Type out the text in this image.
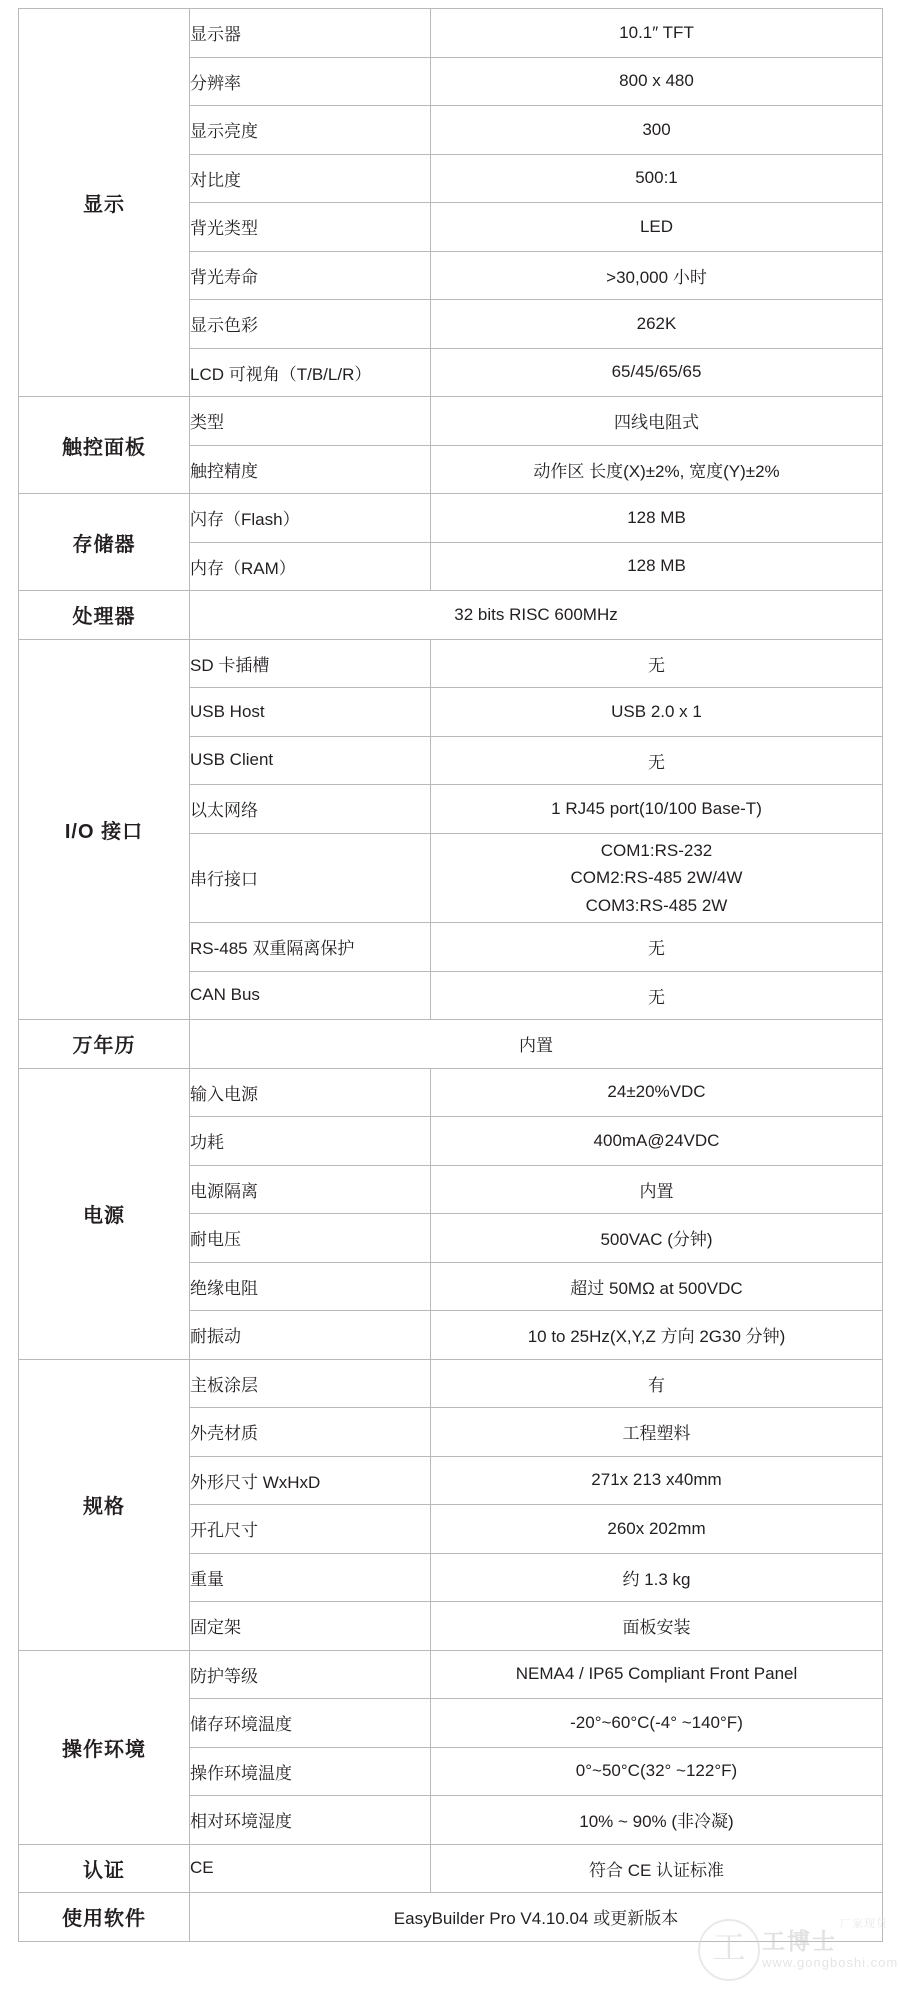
显示	显示器	10.1″ TFT
	分辨率	800 x 480
	显示亮度	300
	对比度	500:1
	背光类型	LED
	背光寿命	>30,000 小时
	显示色彩	262K
	LCD 可视角（T/B/L/R）	65/45/65/65
触控面板	类型	四线电阻式
	触控精度	动作区 长度(X)±2%, 宽度(Y)±2%
存储器	闪存（Flash）	128 MB
	内存（RAM）	128 MB
处理器	32 bits RISC 600MHz	
I/O 接口	SD 卡插槽	无
	USB Host	USB 2.0 x 1
	USB Client	无
	以太网络	1 RJ45 port(10/100 Base-T)
	串行接口	COM1:RS-232
COM2:RS-485 2W/4W
COM3:RS-485 2W

	RS-485 双重隔离保护	无
	CAN Bus	无
万年历	内置	
电源	输入电源	24±20%VDC
	功耗	400mA@24VDC
	电源隔离	内置
	耐电压	500VAC (分钟)
	绝缘电阻	超过 50MΩ at 500VDC
	耐振动	10 to 25Hz(X,Y,Z 方向 2G30 分钟)
规格	主板涂层	有
	外壳材质	工程塑料
	外形尺寸 WxHxD	271x 213 x40mm
	开孔尺寸	260x 202mm
	重量	约 1.3 kg
	固定架	面板安装
操作环境	防护等级	NEMA4 / IP65 Compliant Front Panel
	储存环境温度	-20°~60°C(-4° ~140°F)
	操作环境温度	0°~50°C(32° ~122°F)
	相对环境湿度	10% ~ 90% (非冷凝)
认证	CE	符合 CE 认证标准
使用软件	EasyBuilder Pro V4.10.04 或更新版本	
工 工博士
www.gongboshi.com
厂家现货
